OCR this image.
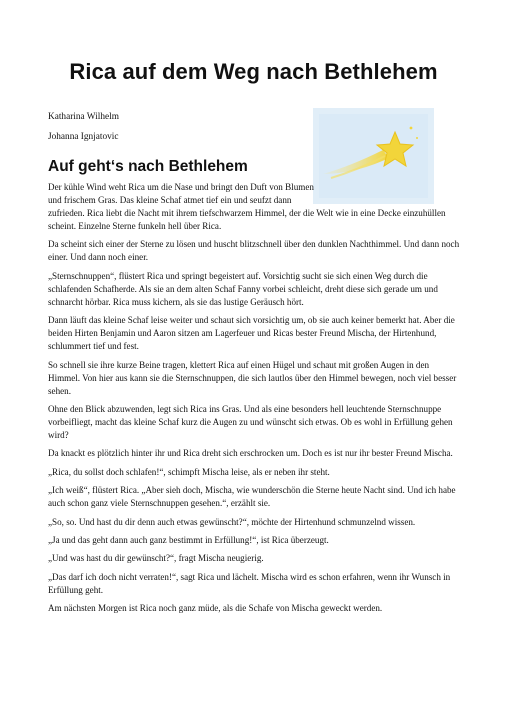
Rica auf dem Weg nach Bethlehem
Katharina Wilhelm
Johanna Ignjatovic
Auf geht‘s nach Bethlehem

Der kühle Wind weht Rica um die Nase und bringt den Duft von Blumen und frischem Gras. Das kleine Schaf atmet tief ein und seufzt dann zufrieden. Rica liebt die Nacht mit ihrem tiefschwarzem Himmel, der die Welt wie in eine Decke einzuhüllen scheint. Einzelne Sterne funkeln hell über Rica.

Da scheint sich einer der Sterne zu lösen und huscht blitzschnell über den dunklen Nachthimmel. Und dann noch einer. Und dann noch einer.

„Sternschnuppen“, flüstert Rica und springt begeistert auf. Vorsichtig sucht sie sich einen Weg durch die schlafenden Schafherde. Als sie an dem alten Schaf Fanny vorbei schleicht, dreht diese sich gerade um und schnarcht hörbar. Rica muss kichern, als sie das lustige Geräusch hört.

Dann läuft das kleine Schaf leise weiter und schaut sich vorsichtig um, ob sie auch keiner bemerkt hat. Aber die beiden Hirten Benjamin und Aaron sitzen am Lagerfeuer und Ricas bester Freund Mischa, der Hirtenhund, schlummert tief und fest.

So schnell sie ihre kurze Beine tragen, klettert Rica auf einen Hügel und schaut mit großen Augen in den Himmel. Von hier aus kann sie die Sternschnuppen, die sich lautlos über den Himmel bewegen, noch viel besser sehen.

Ohne den Blick abzuwenden, legt sich Rica ins Gras. Und als eine besonders hell leuchtende Sternschnuppe vorbeifliegt, macht das kleine Schaf kurz die Augen zu und wünscht sich etwas. Ob es wohl in Erfüllung gehen wird?

Da knackt es plötzlich hinter ihr und Rica dreht sich erschrocken um. Doch es ist nur ihr bester Freund Mischa.

„Rica, du sollst doch schlafen!“, schimpft Mischa leise, als er neben ihr steht.

„Ich weiß“, flüstert Rica. „Aber sieh doch, Mischa, wie wunderschön die Sterne heute Nacht sind. Und ich habe auch schon ganz viele Sternschnuppen gesehen.“, erzählt sie.

„So, so. Und hast du dir denn auch etwas gewünscht?“, möchte der Hirtenhund schmunzelnd wissen.

„Ja und das geht dann auch ganz bestimmt in Erfüllung!“, ist Rica überzeugt.

„Und was hast du dir gewünscht?“, fragt Mischa neugierig.

„Das darf ich doch nicht verraten!“, sagt Rica und lächelt. Mischa wird es schon erfahren, wenn ihr Wunsch in Erfüllung geht.

Am nächsten Morgen ist Rica noch ganz müde, als die Schafe von Mischa geweckt werden.
